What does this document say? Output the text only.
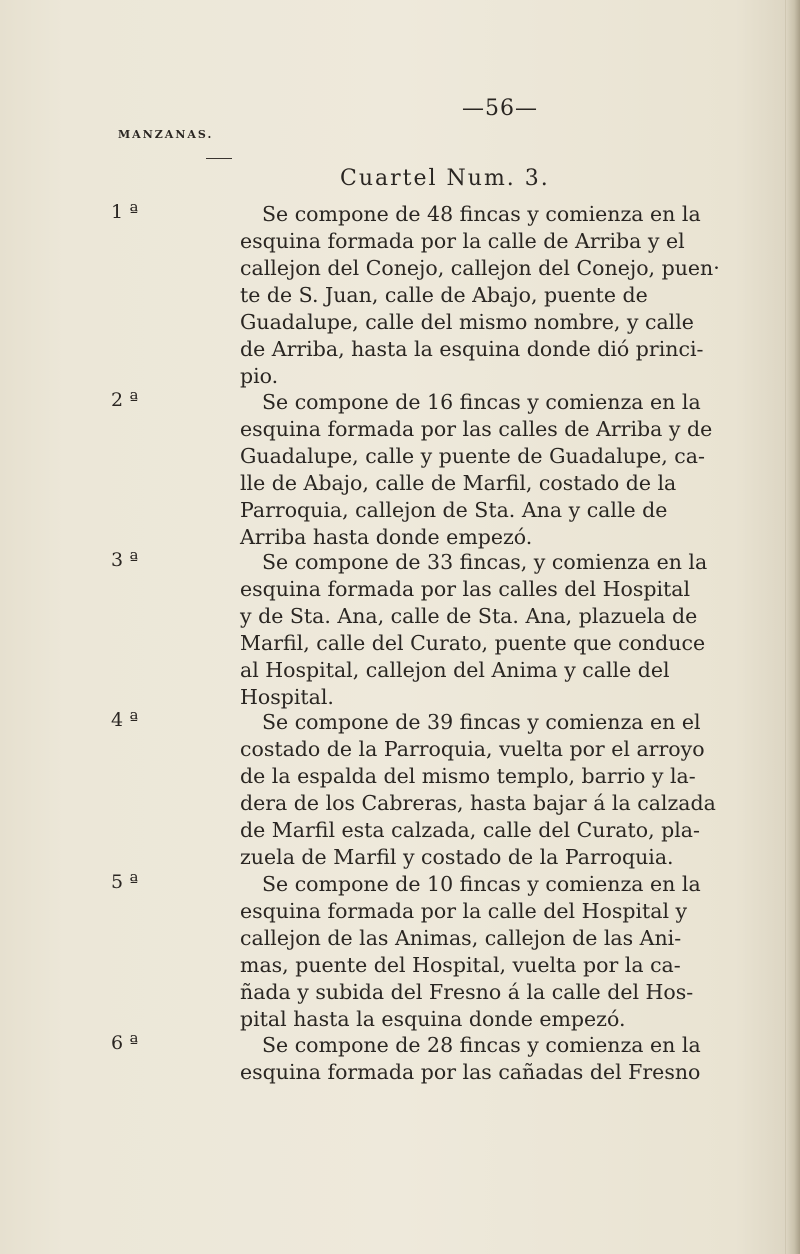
—56—
MANZANAS.
Cuartel Num. 3.
1 ª	Se compone de 48 fincas y comienza en la
esquina formada por la calle de Arriba y el
callejon del Conejo, callejon del Conejo, puen·
te de S. Juan, calle de Abajo, puente de
Guadalupe, calle del mismo nombre, y calle
de Arriba, hasta la esquina donde dió princi-
pio.
2 ª	Se compone de 16 fincas y comienza en la
esquina formada por las calles de Arriba y de
Guadalupe, calle y puente de Guadalupe, ca-
lle de Abajo, calle de Marfil, costado de la
Parroquia, callejon de Sta. Ana y calle de
Arriba hasta donde empezó.
3 ª	Se compone de 33 fincas, y comienza en la
esquina formada por las calles del Hospital
y de Sta. Ana, calle de Sta. Ana, plazuela de
Marfil, calle del Curato, puente que conduce
al Hospital, callejon del Anima y calle del
Hospital.
4 ª	Se compone de 39 fincas y comienza en el
costado de la Parroquia, vuelta por el arroyo
de la espalda del mismo templo, barrio y la-
dera de los Cabreras, hasta bajar á la calzada
de Marfil esta calzada, calle del Curato, pla-
zuela de Marfil y costado de la Parroquia.
5 ª	Se compone de 10 fincas y comienza en la
esquina formada por la calle del Hospital y
callejon de las Animas, callejon de las Ani-
mas, puente del Hospital, vuelta por la ca-
ñada y subida del Fresno á la calle del Hos-
pital hasta la esquina donde empezó.
6 ª	Se compone de 28 fincas y comienza en la
esquina formada por las cañadas del Fresno
